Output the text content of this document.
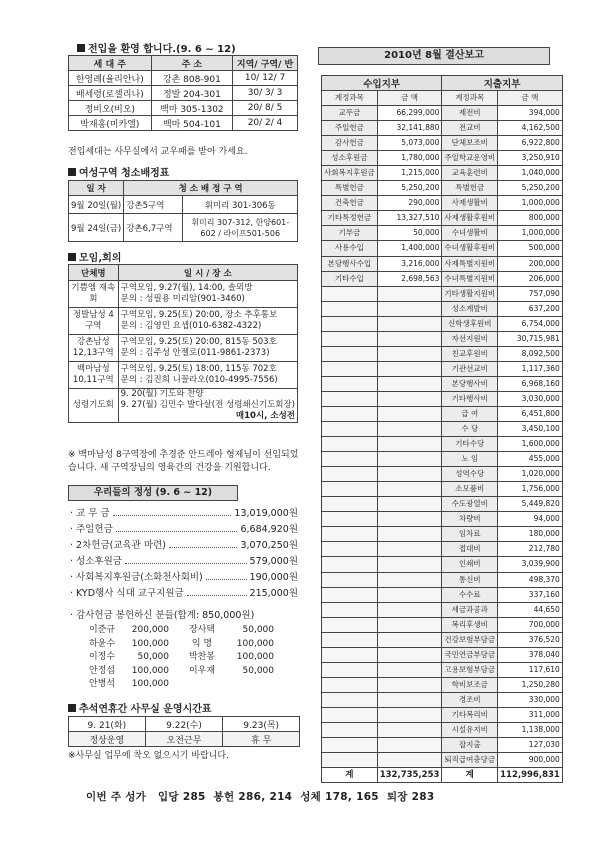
전입을 환영 합니다.(9. 6 ~ 12)
세 대 주	주 소	지역/ 구역/ 반
한영례(율리안나)	강촌 808-901	10/ 12/ 7
배세령(로셀리나)	정발 204-301	30/ 3/ 3
정비오(비오)	백마 305-1302	20/ 8/ 5
박재홍(미카엘)	백마 504-101	20/ 2/ 4
전입세대는 사무실에서 교우패를 받아 가세요.
여성구역 청소배정표
일 자	청 소 배 정 구 역	
9월 20일(월)	강촌5구역	휘미리 301-306동
9월 24일(금)	강촌6,7구역	휘미리 307-312, 한양601-602 / 라이프501-506
모임,회의
단체명	일 시 / 장 소
기쁨엠 재속회	구역모임, 9.27(월), 14:00, 솔뫼방
문의 : 성필용 미리암(901-3460)

정발남성 4구역	구역모임, 9.25(토) 20:00, 장소 추후통보
문의 : 김영민 요셉(010-6382-4322)

강촌남성 12,13구역	구역모임, 9.25(토) 20:00, 815동 503호
문의 : 김주성 안젤로(011-9861-2373)

백마남성 10,11구역	구역모임, 9.25(토) 18:00, 115동 702호
문의 : 김진희 니꼴라오(010-4995-7556)

성령기도회	9. 20(월) 기도와 찬양
9. 27(월) 김민수 발다살(전 성령쇄신기도회장)
매10시, 소성전
※ 백마남성 8구역장에 추경준 안드레아 형제님이 선임되었습니다. 새 구역장님의 영육간의 건강을 기원합니다.
우리들의 정성 (9. 6 ~ 12)
· 교 무 금	13,019,000원
· 주일헌금	6,684,920원
· 2차헌금(교육관 마련)	3,070,250원
· 성소후원금	579,000원
· 사회복지후원금(소화천사회비)	190,000원
· KYD행사 식대 교구지원금	215,000원
· 감사헌금 봉헌하신 분들(합계: 850,000원)
이준규	200,000	장사택	50,000
하윤수	100,000	익 명	100,000
이정수	50,000	박찬봉	100,000
안정섭	100,000	이우재	50,000
안병석	100,000
추석연휴간 사무실 운영시간표
9. 21(화)	9.22(수)	9.23(목)
정상운영	오전근무	휴 무
※사무실 업무에 착오 없으시기 바랍니다.
2010년 8월 결산보고
수입지부		지출지부	
계정과목	금 액	계정과목	금 액
교무금	66,299,000	제전비	394,000
주일헌금	32,141,880	전교비	4,162,500
감사헌금	5,073,000	단체보조비	6,922,800
성소후원금	1,780,000	주일학교운영비	3,250,910
사회복지후원금	1,215,000	교육훈련비	1,040,000
특별헌금	5,250,200	특별헌금	5,250,200
건축헌금	290,000	사제생활비	1,000,000
기타특정헌금	13,327,510	사제생활후원비	800,000
기부금	50,000	수녀생활비	1,000,000
사용수입	1,400,000	수녀생활후원비	500,000
본당행사수입	3,216,000	사제특별지원비	200,000
기타수입	2,698,563	수녀특별지원비	206,000
		기타생활지원비	757,090
		성소계발비	637,200
		신학생후원비	6,754,000
		자선지원비	30,715,981
		친교후원비	8,092,500
		기관선교비	1,117,360
		본당행사비	6,968,160
		기타행사비	3,030,000
		급 여	6,451,800
		수 당	3,450,100
		기타수당	1,600,000
		노 임	455,000
		성역수당	1,020,000
		소모품비	1,756,000
		수도광열비	5,449,820
		차량비	94,000
		임차료	180,000
		접대비	212,780
		인쇄비	3,039,900
		통신비	498,370
		수수료	337,160
		세금과공과	44,650
		복리후생비	700,000
		건강보험부담금	376,520
		국민연금부담금	378,040
		고용보험부담금	117,610
		학비보조금	1,250,280
		경조비	330,000
		기타복리비	311,000
		시설유지비	1,138,000
		잡지출	127,030
		퇴직급여충당금	900,000
계	132,735,253	계	112,996,831
이번 주 성가   입당 285  봉헌 286, 214  성체 178, 165  퇴장 283
